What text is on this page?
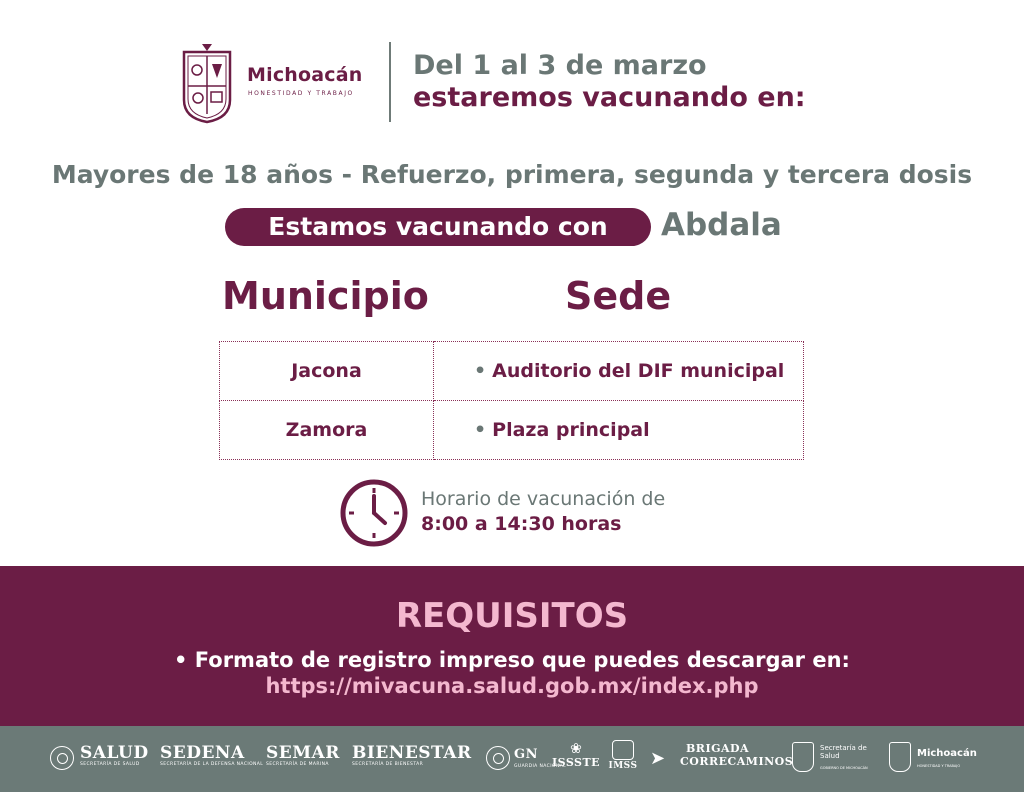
Michoacán
HONESTIDAD Y TRABAJO
Del 1 al 3 de marzo
estaremos vacunando en:
Mayores de 18 años - Refuerzo, primera, segunda y tercera dosis
Estamos vacunando con	Abdala
Municipio	Sede
Jacona	• Auditorio del DIF municipal
Zamora	• Plaza principal
Horario de vacunación de
8:00 a 14:30 horas
REQUISITOS
• Formato de registro impreso que puedes descargar en:
https://mivacuna.salud.gob.mx/index.php
SALUD
SECRETARÍA DE SALUD
SEDENA
SECRETARÍA DE LA DEFENSA NACIONAL
SEMAR
SECRETARÍA DE MARINA
BIENESTAR
SECRETARÍA DE BIENESTAR
GN
GUARDIA NACIONAL
❀
ISSSTE IMSS ➤	BRIGADA
CORRECAMINOS
Secretaría de Salud
GOBIERNO DE MICHOACÁN
Michoacán
HONESTIDAD Y TRABAJO
